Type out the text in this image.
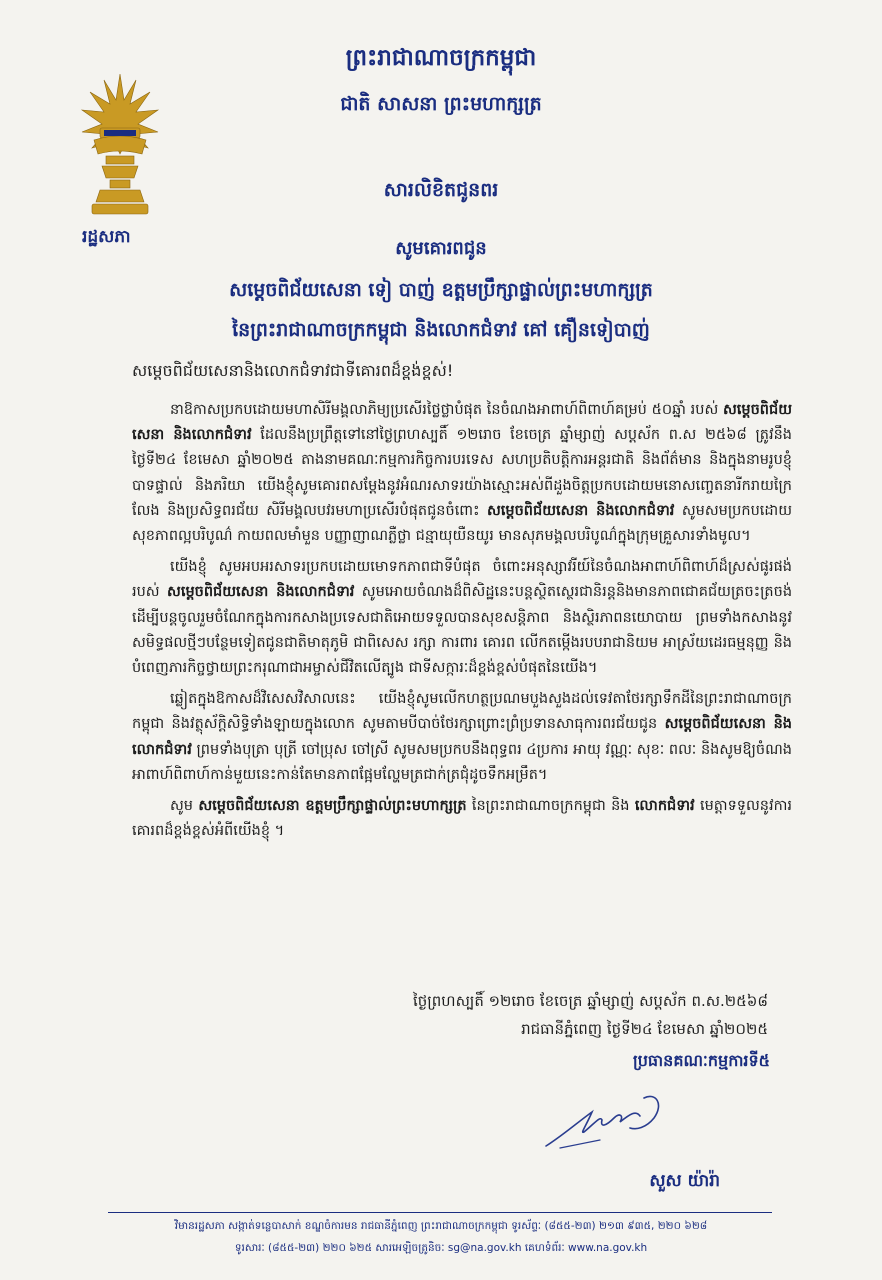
រដ្ឋសភា
ព្រះរាជាណាចក្រកម្ពុជា
ជាតិ សាសនា ព្រះមហាក្សត្រ
សារលិខិតជូនពរ
សូមគោរពជូន
សម្ដេចពិជ័យសេនា ទៀ បាញ់ ឧត្តមប្រឹក្សាផ្ទាល់ព្រះមហាក្សត្រ
នៃព្រះរាជាណាចក្រកម្ពុជា និងលោកជំទាវ គៅ គឿនទៀបាញ់
សម្ដេចពិជ័យសេនានិងលោកជំទាវជាទីគោរពដ៏ខ្ពង់ខ្ពស់!

នាឱកាសប្រកបដោយមហាសិរីមង្គលាភិម្យប្រសើរថ្លៃថ្លាបំផុត នៃចំណងអាពាហ៍ពិពាហ៍គម្រប់ ៥០ឆ្នាំ របស់ សម្ដេចពិជ័យសេនា និងលោកជំទាវ ដែលនឹងប្រព្រឹត្តទៅនៅថ្ងៃព្រហស្បតិ៍ ១២រោច ខែចេត្រ ឆ្នាំម្សាញ់ សប្តស័ក ព.ស ២៥៦៨ ត្រូវនឹងថ្ងៃទី២៤ ខែមេសា ឆ្នាំ២០២៥ តាងនាមគណៈកម្មការកិច្ចការបរទេស សហប្រតិបត្តិការអន្តរជាតិ និងព័ត៌មាន និងក្នុងនាមរូបខ្ញុំបាទផ្ទាល់ និងភរិយា យើងខ្ញុំសូមគោរពសម្ដែងនូវអំណរសាទរយ៉ាងស្មោះអស់ពីដួងចិត្តប្រកបដោយមនោសញ្ចេតនារីករាយក្រៃលែង និងប្រសិទ្ធពរជ័យ សិរីមង្គលបវរមហាប្រសើរបំផុតជូនចំពោះ សម្ដេចពិជ័យសេនា និងលោកជំទាវ សូមសមប្រកបដោយសុខភាពល្អបរិបូណ៌ កាយពលមាំមួន បញ្ញាញាណភ្លឺថ្លា ជន្មាយុយឺនយូរ មានសុភមង្គលបរិបូណ៌ក្នុងក្រុមគ្រួសារទាំងមូល។

យើងខ្ញុំ សូមអបអរសាទរប្រកបដោយមោទកភាពជាទីបំផុត ចំពោះអនុស្សាវរីយ៍នៃចំណងអាពាហ៍ពិពាហ៍ដ៏ស្រស់ផូរផង់របស់ សម្ដេចពិជ័យសេនា និងលោកជំទាវ សូមអោយចំណងដ៏ពិសិដ្ឋនេះបន្តស្ថិតស្ថេរជានិរន្តនិងមានភាពជោគជ័យត្រចះត្រចង់ ដើម្បីបន្តចូលរួមចំណែកក្នុងការកសាងប្រទេសជាតិអោយទទួលបានសុខសន្តិភាព និងស្ថិរភាពនយោបាយ ព្រមទាំងកសាងនូវសមិទ្ធផលថ្មីៗបន្ថែមទៀតជូនជាតិមាតុភូមិ ជាពិសេស រក្សា ការពារ គោរព លើកតម្កើងរបបរាជានិយម អាស្រ័យដេរធម្មនុញ្ញ និងបំពេញភារកិច្ចថ្វាយព្រះករុណាជាអម្ចាស់ជីវិតលើត្បូង ជាទីសក្ការៈដ៏ខ្ពង់ខ្ពស់បំផុតនៃយើង។

ឆ្លៀតក្នុងឱកាសដ៏វិសេសវិសាលនេះ យើងខ្ញុំសូមលើកហត្ថប្រណមបួងសួងដល់ទេវតាថែរក្សាទឹកដីនៃព្រះរាជាណាចក្រកម្ពុជា និងវត្ថុស័ក្តិសិទ្ធិទាំងឡាយក្នុងលោក សូមតាមបីបាច់ថែរក្សាព្រោះព្រំប្រទានសាធុការពរជ័យជូន សម្ដេចពិជ័យសេនា និងលោកជំទាវ ព្រមទាំងបុត្រា បុត្រី ចៅប្រុស ចៅស្រី សូមសមប្រកបនឹងពុទ្ធពរ ៤ប្រការ អាយុ វណ្ណៈ សុខៈ ពលៈ និងសូមឱ្យចំណងអាពាហ៍ពិពាហ៍កាន់មួយនេះកាន់តែមានភាពផ្អែមល្ហែមត្រជាក់ត្រជុំដូចទឹកអម្រឹត។

សូម សម្ដេចពិជ័យសេនា ឧត្តមប្រឹក្សាផ្ទាល់ព្រះមហាក្សត្រ នៃព្រះរាជាណាចក្រកម្ពុជា និង លោកជំទាវ មេត្តាទទួលនូវការគោរពដ៏ខ្ពង់ខ្ពស់អំពីយើងខ្ញុំ ។

ថ្ងៃព្រហស្បតិ៍ ១២រោច ខែចេត្រ ឆ្នាំម្សាញ់ សប្តស័ក ព.ស.២៥៦៨
រាជធានីភ្នំពេញ ថ្ងៃទី២៤ ខែមេសា ឆ្នាំ២០២៥
ប្រធានគណៈកម្មការទី៥
សួស យ៉ារ៉ា
វិមានរដ្ឋសភា សង្កាត់ទន្លេបាសាក់ ខណ្ឌចំការមន រាជធានីភ្នំពេញ ព្រះរាជាណាចក្រកម្ពុជា ទូរស័ព្ទៈ (៨៥៥-២៣) ២១៣ ៩៣៥, ២២០ ៦២៨
ទូរសារៈ (៨៥៥-២៣) ២២០ ៦២៥ សារអេឡិចត្រូនិចៈ sg@na.gov.kh គេហទំព័រៈ www.na.gov.kh
